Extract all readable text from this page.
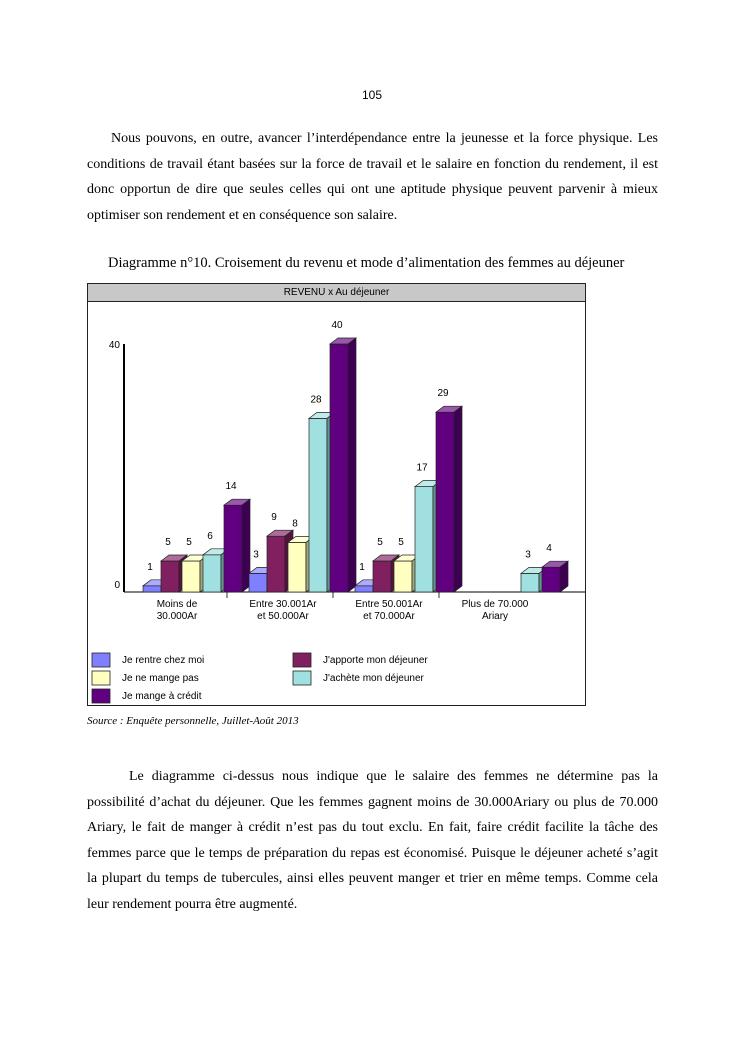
105

Nous pouvons, en outre, avancer l’interdépendance entre la jeunesse et la force physique. Les conditions de travail étant basées sur la force de travail et le salaire en fonction du rendement, il est donc opportun de dire que seules celles qui ont une aptitude physique peuvent parvenir à mieux optimiser son rendement et en conséquence son salaire.

Diagramme n°10. Croisement du revenu et mode d’alimentation des femmes au déjeuner
0
40
1
5 5
6
14
Moins de
30.000Ar
3
9
8
28
40
Entre 30.001Ar
et 50.000Ar
1
5 5
17
29
Entre 50.001Ar
et 70.000Ar
3
4
Plus de 70.000
Ariary
Je rentre chez moi	J'apporte mon déjeuner
Je ne mange pas	J'achète mon déjeuner
Je mange à crédit
REVENU x Au déjeuner
Source : Enquête personnelle, Juillet-Août 2013

Le diagramme ci-dessus nous indique que le salaire des femmes ne détermine pas la possibilité d’achat du déjeuner. Que les femmes gagnent moins de 30.000Ariary ou plus de 70.000 Ariary, le fait de manger à crédit n’est pas du tout exclu. En fait, faire crédit facilite la tâche des femmes parce que le temps de préparation du repas est économisé. Puisque le déjeuner acheté s’agit la plupart du temps de tubercules, ainsi elles peuvent manger et trier en même temps. Comme cela leur rendement pourra être augmenté.
